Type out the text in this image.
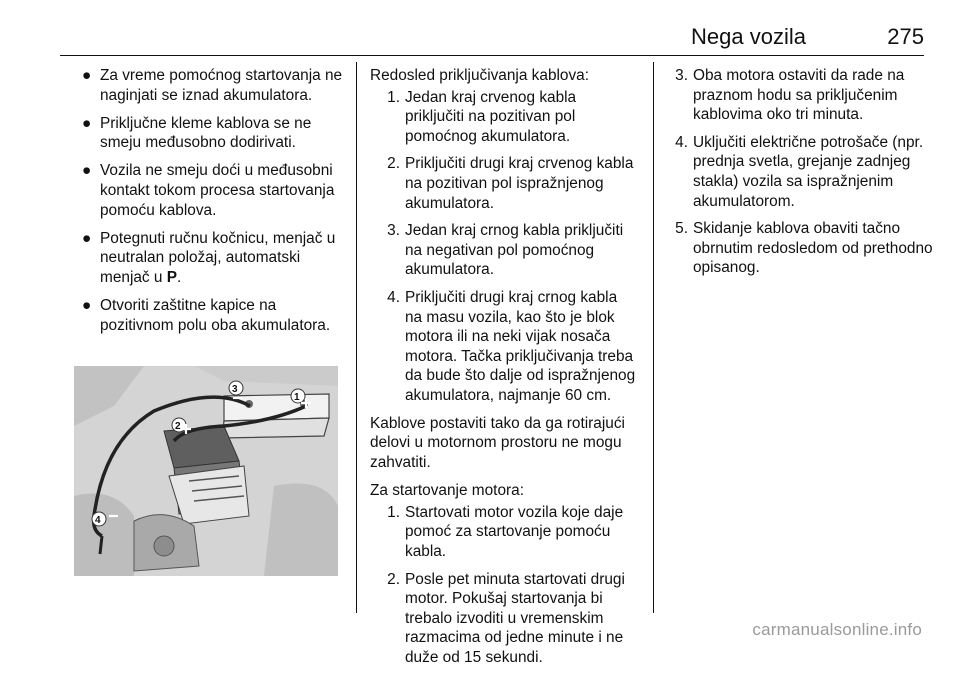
Nega vozila	275
● Za vreme pomoćnog startovanja ne naginjati se iznad akumulatora.
● Priključne kleme kablova se ne smeju međusobno dodirivati.
● Vozila ne smeju doći u međusobni kontakt tokom procesa startovanja pomoću kablova.
● Potegnuti ručnu kočnicu, menjač u neutralan položaj, automatski menjač u P.
● Otvoriti zaštitne kapice na pozitivnom polu oba akumulatora.
1
2
3
4
Redosled priključivanja kablova:
1. Jedan kraj crvenog kabla priključiti na pozitivan pol pomoćnog akumulatora.
2. Priključiti drugi kraj crvenog kabla na pozitivan pol ispražnjenog akumulatora.
3. Jedan kraj crnog kabla priključiti na negativan pol pomoćnog akumulatora.
4. Priključiti drugi kraj crnog kabla na masu vozila, kao što je blok motora ili na neki vijak nosača motora. Tačka priključivanja treba da bude što dalje od ispražnjenog akumulatora, najmanje 60 cm.
Kablove postaviti tako da ga rotirajući delovi u motornom prostoru ne mogu zahvatiti.
Za startovanje motora:
1. Startovati motor vozila koje daje pomoć za startovanje pomoću kabla.
2. Posle pet minuta startovati drugi motor. Pokušaj startovanja bi trebalo izvoditi u vremenskim razmacima od jedne minute i ne duže od 15 sekundi.
3. Oba motora ostaviti da rade na praznom hodu sa priključenim kablovima oko tri minuta.
4. Uključiti električne potrošače (npr. prednja svetla, grejanje zadnjeg stakla) vozila sa ispražnjenim akumulatorom.
5. Skidanje kablova obaviti tačno obrnutim redosledom od prethodno opisanog.
carmanualsonline.info
